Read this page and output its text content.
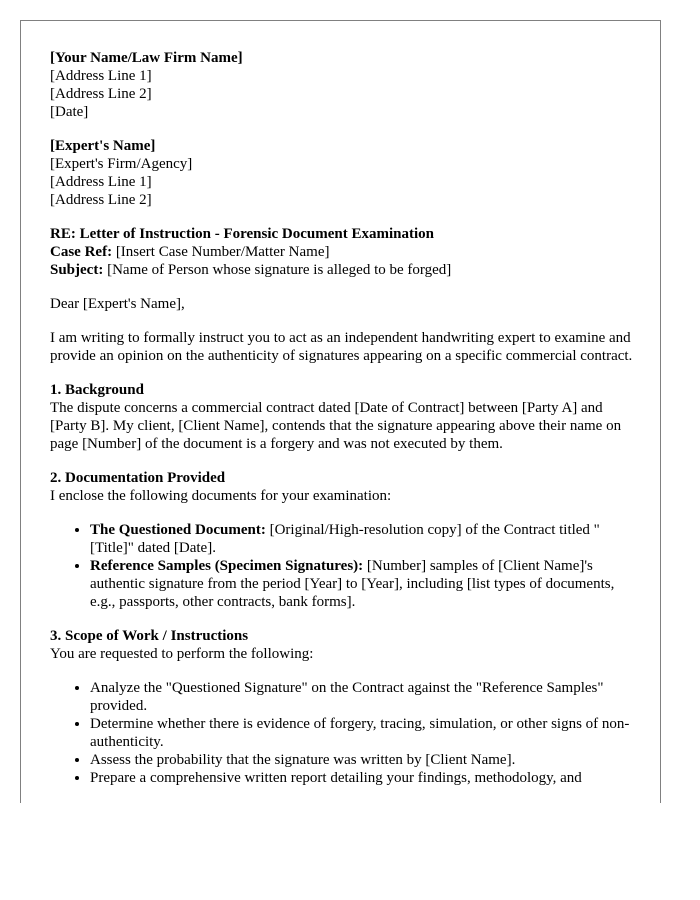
[Your Name/Law Firm Name]
[Address Line 1]
[Address Line 2]
[Date]
[Expert's Name]
[Expert's Firm/Agency]
[Address Line 1]
[Address Line 2]
RE: Letter of Instruction - Forensic Document Examination
Case Ref: [Insert Case Number/Matter Name]
Subject: [Name of Person whose signature is alleged to be forged]

Dear [Expert's Name],

I am writing to formally instruct you to act as an independent handwriting expert to examine and provide an opinion on the authenticity of signatures appearing on a specific commercial contract.

1. Background
The dispute concerns a commercial contract dated [Date of Contract] between [Party A] and [Party B]. My client, [Client Name], contends that the signature appearing above their name on page [Number] of the document is a forgery and was not executed by them.
2. Documentation Provided
I enclose the following documents for your examination:
• The Questioned Document: [Original/High-resolution copy] of the Contract titled "[Title]" dated [Date].
• Reference Samples (Specimen Signatures): [Number] samples of [Client Name]'s authentic signature from the period [Year] to [Year], including [list types of documents, e.g., passports, other contracts, bank forms].
3. Scope of Work / Instructions
You are requested to perform the following:
• Analyze the "Questioned Signature" on the Contract against the "Reference Samples" provided.
• Determine whether there is evidence of forgery, tracing, simulation, or other signs of non-authenticity.
• Assess the probability that the signature was written by [Client Name].
• Prepare a comprehensive written report detailing your findings, methodology, and
